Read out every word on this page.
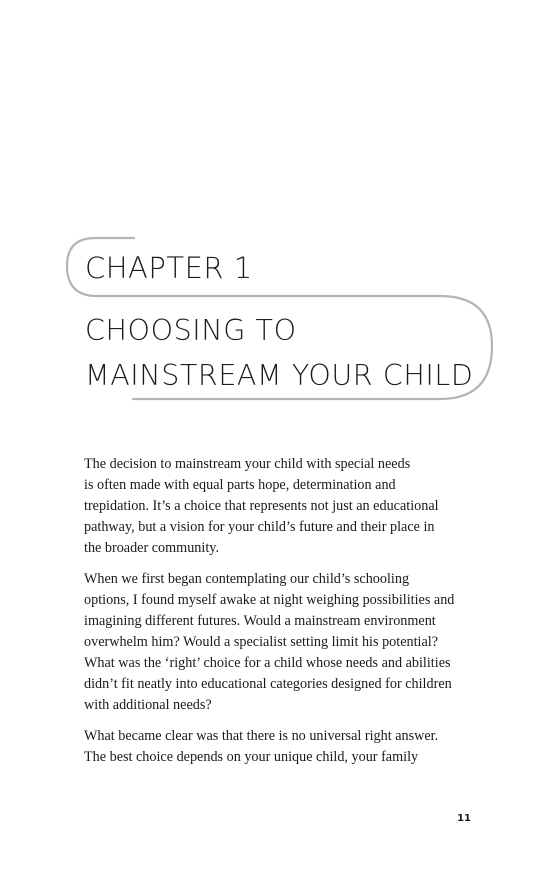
CHAPTER 1
CHOOSING TO
MAINSTREAM YOUR CHILD

The decision to mainstream your child with special needs
is often made with equal parts hope, determination and
trepidation. It’s a choice that represents not just an educational
pathway, but a vision for your child’s future and their place in
the broader community.

When we first began contemplating our child’s schooling
options, I found myself awake at night weighing possibilities and
imagining different futures. Would a mainstream environment
overwhelm him? Would a specialist setting limit his potential?
What was the ‘right’ choice for a child whose needs and abilities
didn’t fit neatly into educational categories designed for children
with additional needs?

What became clear was that there is no universal right answer.
The best choice depends on your unique child, your family

11
